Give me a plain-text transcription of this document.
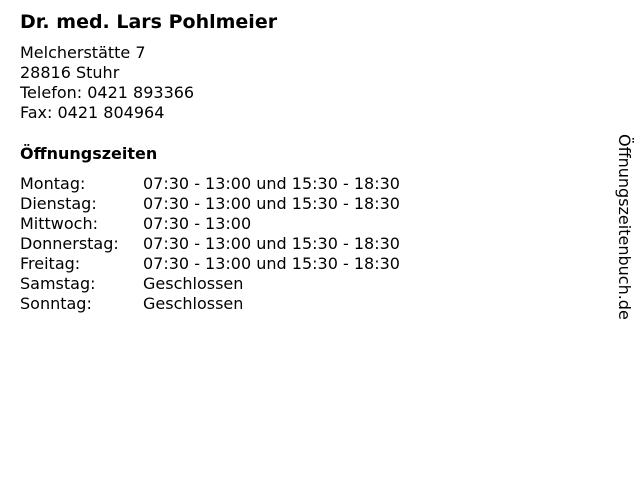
Dr. med. Lars Pohlmeier
Melcherstätte 7
28816 Stuhr
Telefon: 0421 893366
Fax: 0421 804964
Öffnungszeiten
Montag:	07:30 - 13:00 und 15:30 - 18:30
Dienstag:	07:30 - 13:00 und 15:30 - 18:30
Mittwoch:	07:30 - 13:00
Donnerstag:	07:30 - 13:00 und 15:30 - 18:30
Freitag:	07:30 - 13:00 und 15:30 - 18:30
Samstag:	Geschlossen
Sonntag:	Geschlossen	Öffnungszeitenbuch.de
